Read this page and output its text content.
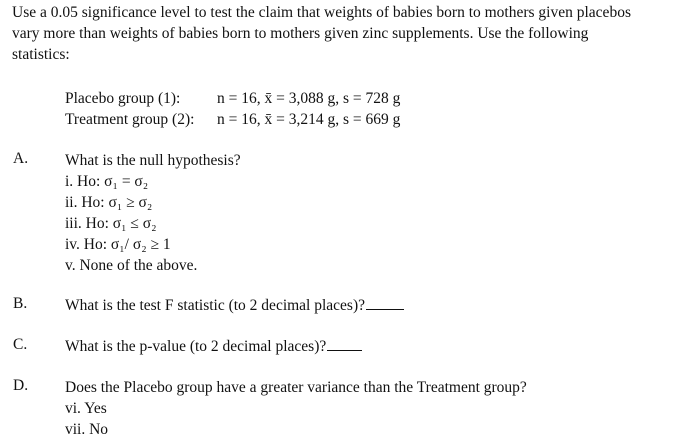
Use a 0.05 significance level to test the claim that weights of babies born to mothers given placebos
vary more than weights of babies born to mothers given zinc supplements. Use the following
statistics:
Placebo group (1):	n = 16, x̄ = 3,088 g, s = 728 g
Treatment group (2):	n = 16, x̄ = 3,214 g, s = 669 g
A.	What is the null hypothesis?
i. Ho: σ₁ = σ₂
ii. Ho: σ₁ ≥ σ₂
iii. Ho: σ₁ ≤ σ₂
iv. Ho: σ₁/ σ₂ ≥ 1
v. None of the above.
B.	What is the test F statistic (to 2 decimal places)?
C.	What is the p-value (to 2 decimal places)?
D.	Does the Placebo group have a greater variance than the Treatment group?
vi. Yes
vii. No
